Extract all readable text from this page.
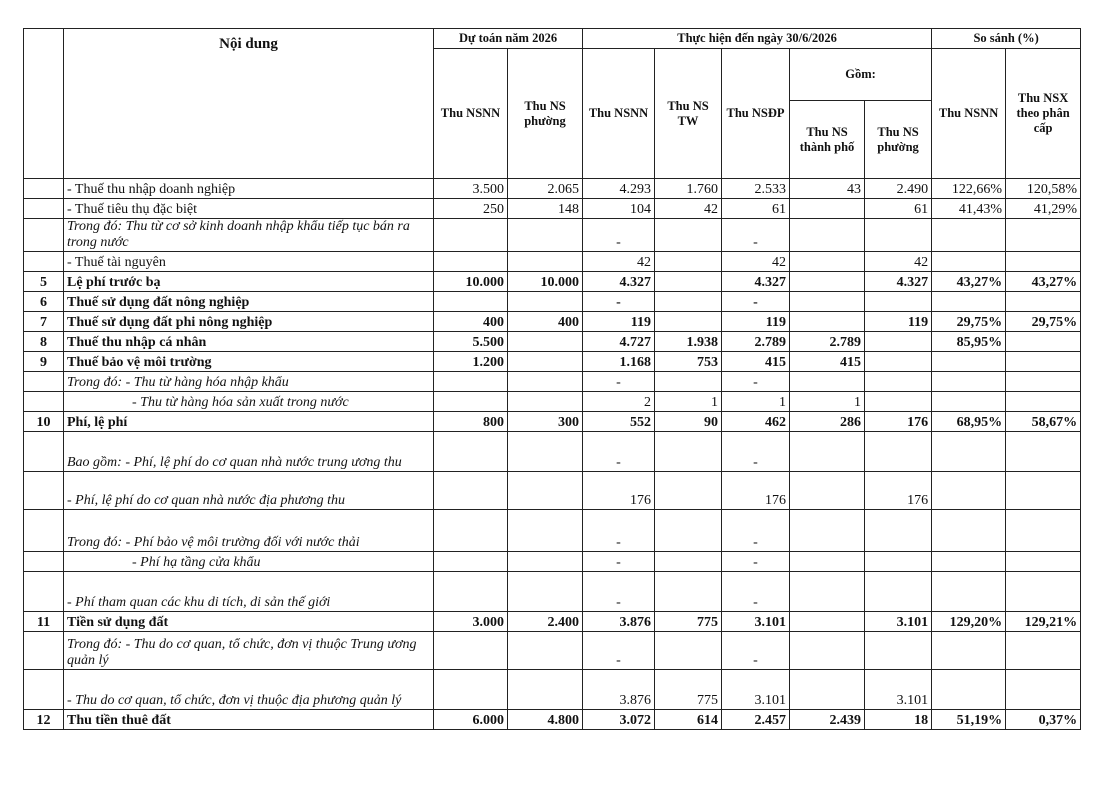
	Nội dung	Dự toán năm 2026		Thực hiện đến ngày 30/6/2026					So sánh (%)	
		Thu NSNN	Thu NS phường	Thu NSNN	Thu NS TW	Thu NSĐP	Gồm:		Thu NSNN	Thu NSX theo phân cấp
							Thu NS thành phố	Thu NS phường		
	- Thuế thu nhập doanh nghiệp	3.500	2.065	4.293	1.760	2.533	43	2.490	122,66%	120,58%
	- Thuế tiêu thụ đặc biệt	250	148	104	42	61		61	41,43%	41,29%
	Trong đó: Thu từ cơ sở kinh doanh nhập khẩu tiếp tục bán ra trong nước			-		-				
	- Thuế tài nguyên			42		42		42		
5	Lệ phí trước bạ	10.000	10.000	4.327		4.327		4.327	43,27%	43,27%
6	Thuế sử dụng đất nông nghiệp			-		-				
7	Thuế sử dụng đất phi nông nghiệp	400	400	119		119		119	29,75%	29,75%
8	Thuế thu nhập cá nhân	5.500		4.727	1.938	2.789	2.789		85,95%	
9	Thuế bảo vệ môi trường	1.200		1.168	753	415	415			
	Trong đó: - Thu từ hàng hóa nhập khẩu			-		-				
	- Thu từ hàng hóa sản xuất trong nước			2	1	1	1			
10	Phí, lệ phí	800	300	552	90	462	286	176	68,95%	58,67%
	Bao gồm: - Phí, lệ phí do cơ quan nhà nước trung ương thu			-		-				
	- Phí, lệ phí do cơ quan nhà nước địa phương thu			176		176		176		
	Trong đó: - Phí bảo vệ môi trường đối với nước thải			-		-				
	- Phí hạ tầng cửa khẩu			-		-				
	- Phí tham quan các khu di tích, di sản thế giới			-		-				
11	Tiền sử dụng đất	3.000	2.400	3.876	775	3.101		3.101	129,20%	129,21%
	Trong đó: - Thu do cơ quan, tổ chức, đơn vị thuộc Trung ương quản lý			-		-				
	- Thu do cơ quan, tổ chức, đơn vị thuộc địa phương quản lý			3.876	775	3.101		3.101		
12	Thu tiền thuê đất	6.000	4.800	3.072	614	2.457	2.439	18	51,19%	0,37%
